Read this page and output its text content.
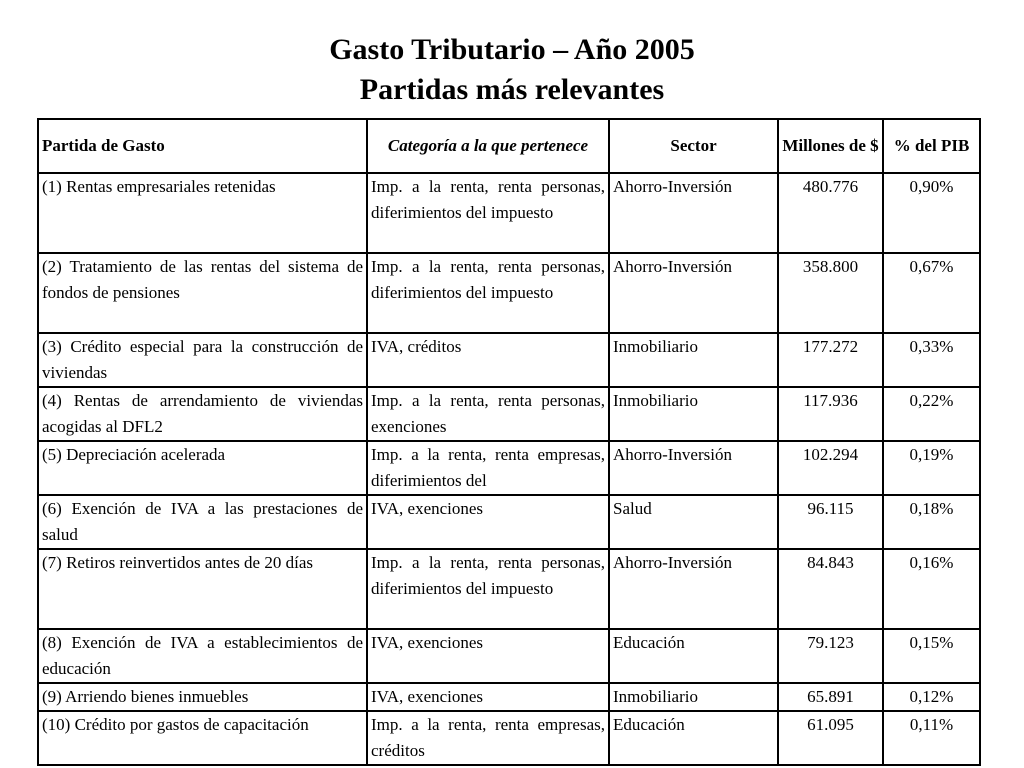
Gasto Tributario – Año 2005
Partidas más relevantes
Partida de Gasto	Categoría a la que pertenece	Sector	Millones de $	% del PIB
(1) Rentas empresariales retenidas	Imp. a la renta, renta personas, diferimientos del impuesto	Ahorro-Inversión	480.776	0,90%
(2) Tratamiento de las rentas del sistema de fondos de pensiones	Imp. a la renta, renta personas, diferimientos del impuesto	Ahorro-Inversión	358.800	0,67%
(3) Crédito especial para la construcción de viviendas	IVA, créditos	Inmobiliario	177.272	0,33%
(4) Rentas de arrendamiento de viviendas acogidas al DFL2	Imp. a la renta, renta personas, exenciones	Inmobiliario	117.936	0,22%
(5) Depreciación acelerada	Imp. a la renta, renta empresas, diferimientos del	Ahorro-Inversión	102.294	0,19%
(6) Exención de IVA a las prestaciones de salud	IVA, exenciones	Salud	96.115	0,18%
(7) Retiros reinvertidos antes de 20 días	Imp. a la renta, renta personas, diferimientos del impuesto	Ahorro-Inversión	84.843	0,16%
(8) Exención de IVA a establecimientos de educación	IVA, exenciones	Educación	79.123	0,15%
(9) Arriendo bienes inmuebles	IVA, exenciones	Inmobiliario	65.891	0,12%
(10) Crédito por gastos de capacitación	Imp. a la renta, renta empresas, créditos	Educación	61.095	0,11%
